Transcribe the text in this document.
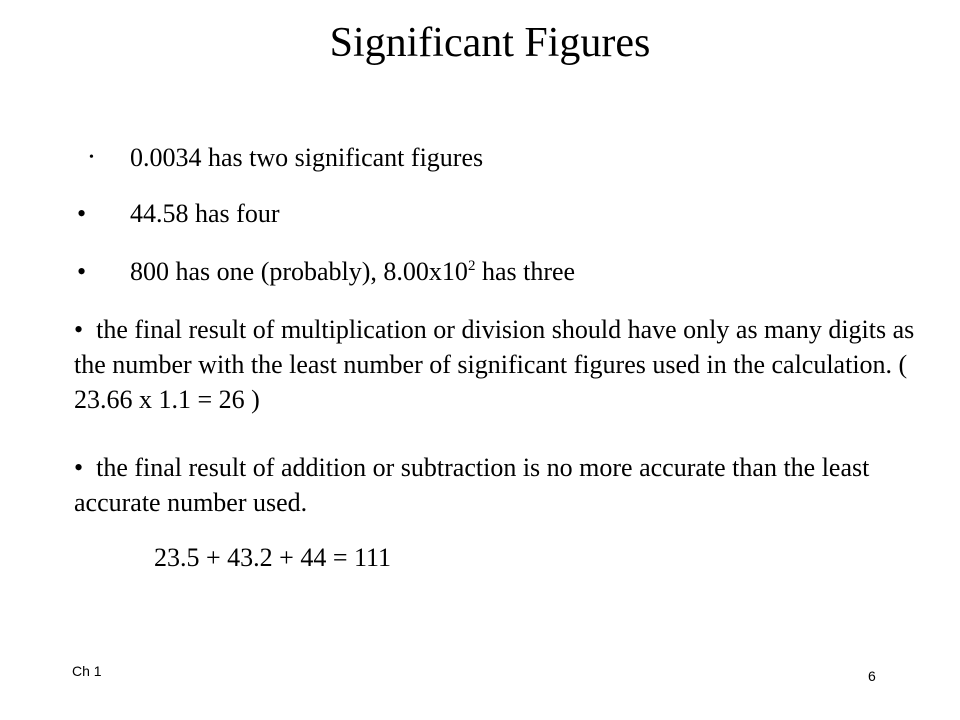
Significant Figures
• 0.0034 has two significant figures
• 44.58 has four
• 800 has one (probably), $8.00x10^2$ has three
• the final result of multiplication or division should have only as many digits as the number with the least number of significant figures used in the calculation. ( 23.66 x 1.1 = 26 )
• the final result of addition or subtraction is no more accurate than the least accurate number used.
23.5 + 43.2 + 44 = 111
Ch 1	6
